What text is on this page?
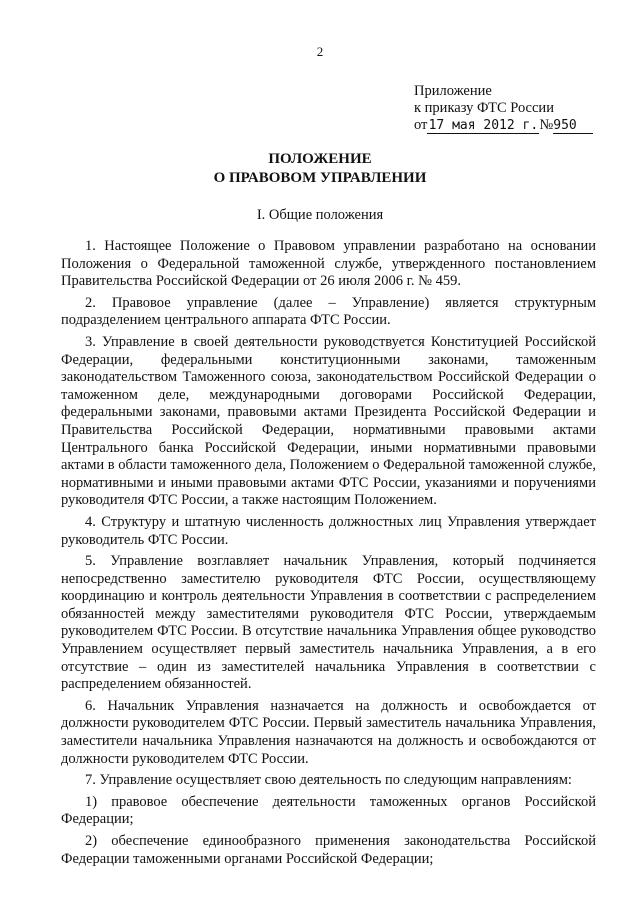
2
Приложение
к приказу ФТС России
от17 мая 2012 г.№950
ПОЛОЖЕНИЕ
О ПРАВОВОМ УПРАВЛЕНИИ
I. Общие положения

1. Настоящее Положение о Правовом управлении разработано на основании Положения о Федеральной таможенной службе, утвержденного постановлением Правительства Российской Федерации от 26 июля 2006 г. № 459.

2. Правовое управление (далее – Управление) является структурным подразделением центрального аппарата ФТС России.

3. Управление в своей деятельности руководствуется Конституцией Российской Федерации, федеральными конституционными законами, таможенным законодательством Таможенного союза, законодательством Российской Федерации о таможенном деле, международными договорами Российской Федерации, федеральными законами, правовыми актами Президента Российской Федерации и Правительства Российской Федерации, нормативными правовыми актами Центрального банка Российской Федерации, иными нормативными правовыми актами в области таможенного дела, Положением о Федеральной таможенной службе, нормативными и иными правовыми актами ФТС России, указаниями и поручениями руководителя ФТС России, а также настоящим Положением.

4. Структуру и штатную численность должностных лиц Управления утверждает руководитель ФТС России.

5. Управление возглавляет начальник Управления, который подчиняется непосредственно заместителю руководителя ФТС России, осуществляющему координацию и контроль деятельности Управления в соответствии с распределением обязанностей между заместителями руководителя ФТС России, утверждаемым руководителем ФТС России. В отсутствие начальника Управления общее руководство Управлением осуществляет первый заместитель начальника Управления, а в его отсутствие – один из заместителей начальника Управления в соответствии с распределением обязанностей.

6. Начальник Управления назначается на должность и освобождается от должности руководителем ФТС России. Первый заместитель начальника Управления, заместители начальника Управления назначаются на должность и освобождаются от должности руководителем ФТС России.

7. Управление осуществляет свою деятельность по следующим направлениям:

1) правовое обеспечение деятельности таможенных органов Российской Федерации;

2) обеспечение единообразного применения законодательства Российской Федерации таможенными органами Российской Федерации;
